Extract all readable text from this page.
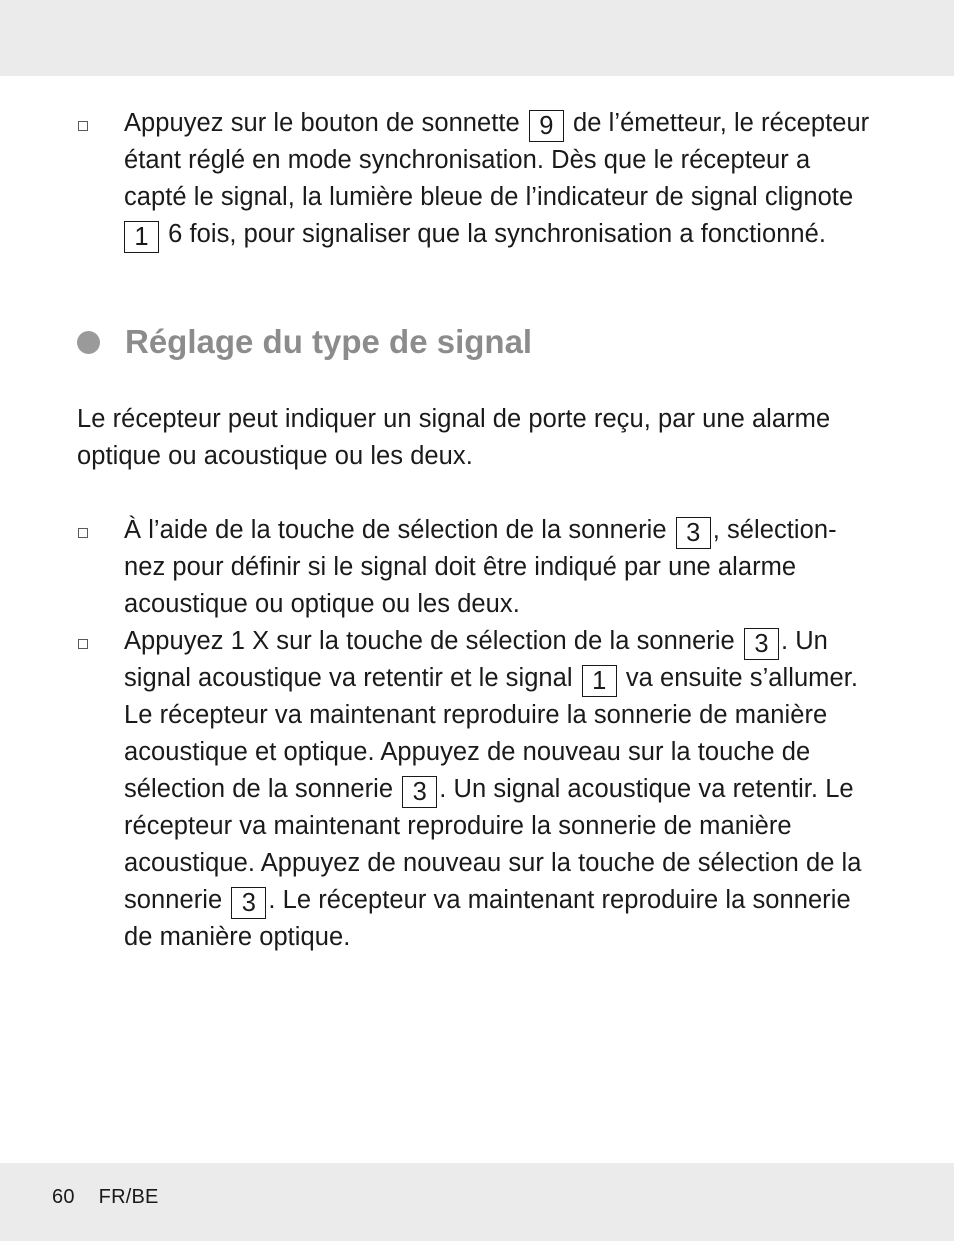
Appuyez sur le bouton de sonnette 9 de l’émetteur, le récepteur
étant réglé en mode synchronisation. Dès que le récepteur a
capté le signal, la lumière bleue de l’indicateur de signal clignote
1 6 fois, pour signaliser que la synchronisation a fonctionné.
Réglage du type de signal
Le récepteur peut indiquer un signal de porte reçu, par une alarme
optique ou acoustique ou les deux.
À l’aide de la touche de sélection de la sonnerie 3 , sélection-
nez pour définir si le signal doit être indiqué par une alarme
acoustique ou optique ou les deux.
Appuyez 1 X sur la touche de sélection de la sonnerie 3 . Un
signal acoustique va retentir et le signal 1 va ensuite s’allumer.
Le récepteur va maintenant reproduire la sonnerie de manière
acoustique et optique. Appuyez de nouveau sur la touche de
sélection de la sonnerie 3 . Un signal acoustique va retentir. Le
récepteur va maintenant reproduire la sonnerie de manière
acoustique. Appuyez de nouveau sur la touche de sélection de la
sonnerie 3 . Le récepteur va maintenant reproduire la sonnerie
de manière optique.
60 FR/BE
